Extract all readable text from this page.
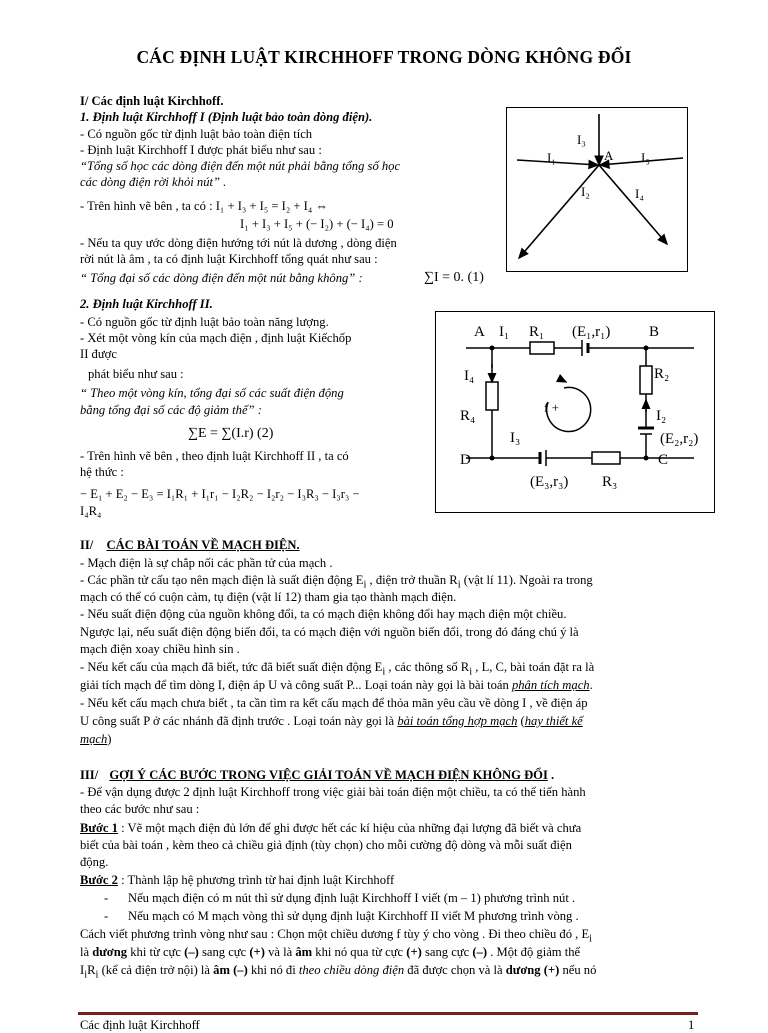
CÁC ĐỊNH LUẬT KIRCHHOFF TRONG DÒNG KHÔNG ĐỔI
I/ Các định luật Kirchhoff.
1. Định luật Kirchhoff I (Định luật bảo toàn dòng điện).
- Có nguồn gốc từ định luật bảo toàn điện tích
- Định luật Kirchhoff I được phát biểu như sau :
“Tổng số học các dòng điện đến một nút phải bằng tổng số học
các dòng điện rời khỏi nút” .
- Trên hình vẽ bên , ta có : I₁ + I₃ + I₅ = I₂ + I₄ ⇔
I₁ + I₃ + I₅ + (− I₂) + (− I₄) = 0
- Nếu ta quy ước dòng điện hướng tới nút là dương , dòng điện
rời nút là âm , ta có định luật Kirchhoff tổng quát như sau :
“ Tổng đại số các dòng điện đến một nút bằng không” :	∑I = 0. (1)
2. Định luật Kirchhoff II.
- Có nguồn gốc từ định luật bảo toàn năng lượng.
- Xét một vòng kín của mạch điện , định luật Kiếchốp
II được
phát biểu như sau :
“ Theo một vòng kín, tổng đại số các suất điện động
bằng tổng đại số các độ giảm thế” :
∑E = ∑(I.r) (2)
- Trên hình vẽ bên , theo định luật Kirchhoff II , ta có
hệ thức :
− E₁ + E₂ − E₃ = I₁R₁ + I₁r₁ − I₂R₂ − I₂r₂ − I₃R₃ − I₃r₃ −
I₄R₄
I₃
I₁	A I₅
I₂	I₄
A I₁ R₁ (E₁,r₁)	B
R₂
I₂
(E₂,r₂)
I₄
R₄
I₃
D	C
(E₃,r₃) R₃
f +
II/ CÁC BÀI TOÁN VỀ MẠCH ĐIỆN.
- Mạch điện là sự chắp nối các phần tử của mạch .
- Các phần tử cấu tạo nên mạch điện là suất điện động $E_i$ , điện trở thuần $R_i$ (vật lí 11). Ngoài ra trong
mạch có thể có cuộn cảm, tụ điện (vật lí 12) tham gia tạo thành mạch điện.
- Nếu suất điện động của nguồn không đổi, ta có mạch điện không đổi hay mạch điện một chiều.
Ngược lại, nếu suất điện động biến đổi, ta có mạch điện với nguồn biến đổi, trong đó đáng chú ý là
mạch điện xoay chiều hình sin .
- Nếu kết cấu của mạch đã biết, tức đã biết suất điện động $E_i$ , các thông số $R_i$ , L, C, bài toán đặt ra là
giải tích mạch để tìm dòng I, điện áp U và công suất P... Loại toán này gọi là bài toán phân tích mạch.
- Nếu kết cấu mạch chưa biết , ta cần tìm ra kết cấu mạch để thỏa mãn yêu cầu về dòng I , về điện áp
U công suất P ở các nhánh đã định trước . Loại toán này gọi là bài toán tổng hợp mạch (hay thiết kế
mạch)
III/ GỢI Ý CÁC BƯỚC TRONG VIỆC GIẢI TOÁN VỀ MẠCH ĐIỆN KHÔNG ĐỔI .
- Để vận dụng được 2 định luật Kirchhoff trong việc giải bài toán điện một chiều, ta có thể tiến hành
theo các bước như sau :
Bước 1 : Vẽ một mạch điện đủ lớn để ghi được hết các kí hiệu của những đại lượng đã biết và chưa
biết của bài toán , kèm theo cả chiều giả định (tùy chọn) cho mỗi cường độ dòng và mỗi suất điện
động.
Bước 2 : Thành lập hệ phương trình từ hai định luật Kirchhoff
- Nếu mạch điện có m nút thì sử dụng định luật Kirchhoff I viết (m – 1) phương trình nút .
- Nếu mạch có M mạch vòng thì sử dụng định luật Kirchhoff II viết M phương trình vòng .
Cách viết phương trình vòng như sau : Chọn một chiều dương f tùy ý cho vòng . Đi theo chiều đó , $E_i$
là dương khi từ cực (–) sang cực (+) và là âm khi nó qua từ cực (+) sang cực (–) . Một độ giảm thế
$I_iR_i$ (kể cả điện trở nội) là âm (–) khi nó đi theo chiều dòng điện đã được chọn và là dương (+) nếu nó
Các định luật Kirchhoff	1
